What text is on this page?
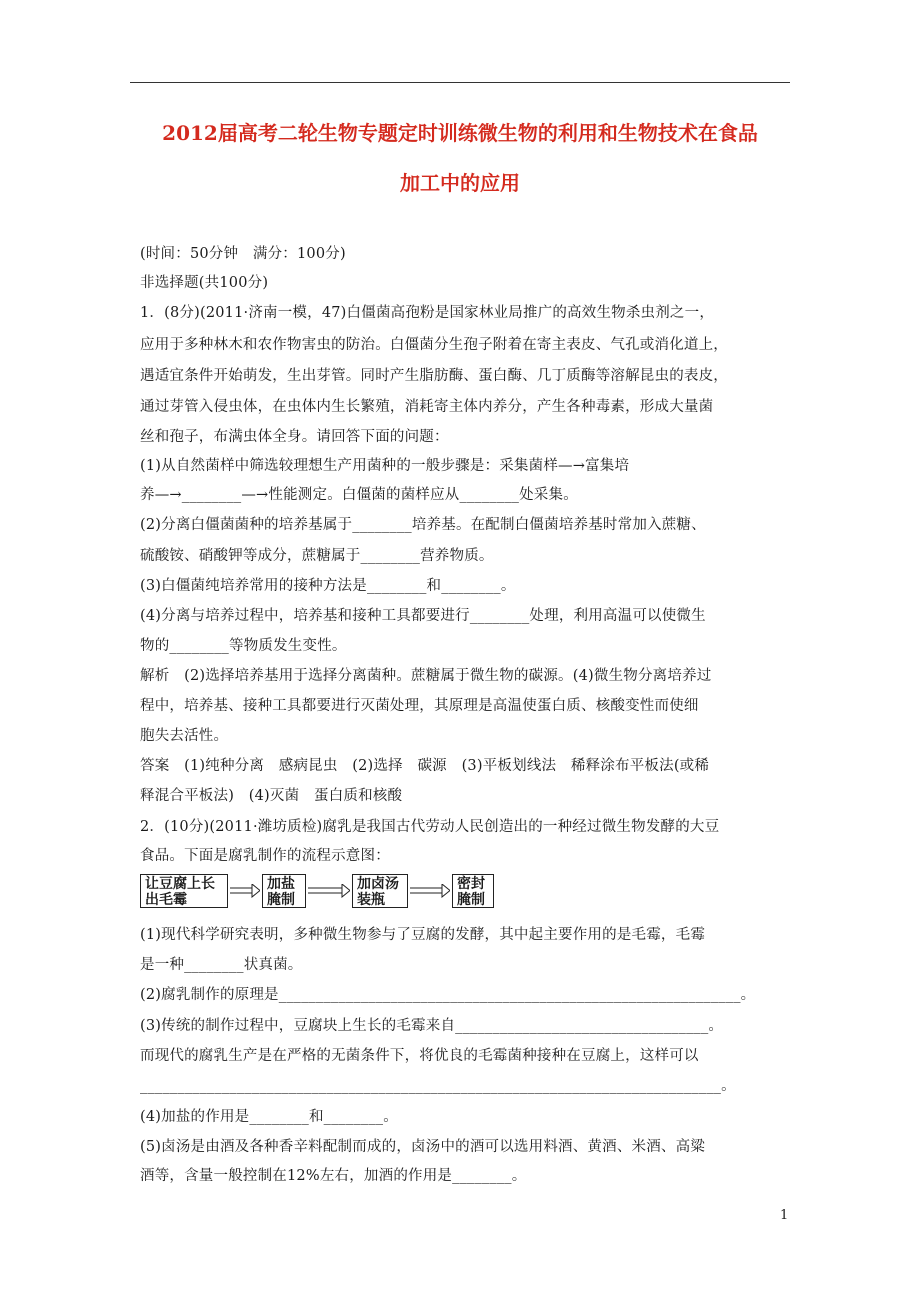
2012届高考二轮生物专题定时训练微生物的利用和生物技术在食品
加工中的应用
(时间：50分钟　满分：100分)
非选择题(共100分)
1．(8分)(2011·济南一模，47)白僵菌高孢粉是国家林业局推广的高效生物杀虫剂之一，
应用于多种林木和农作物害虫的防治。白僵菌分生孢子附着在寄主表皮、气孔或消化道上，
遇适宜条件开始萌发，生出芽管。同时产生脂肪酶、蛋白酶、几丁质酶等溶解昆虫的表皮，
通过芽管入侵虫体，在虫体内生长繁殖，消耗寄主体内养分，产生各种毒素，形成大量菌
丝和孢子，布满虫体全身。请回答下面的问题：
(1)从自然菌样中筛选较理想生产用菌种的一般步骤是：采集菌样—→富集培
养—→________—→性能测定。白僵菌的菌样应从________处采集。
(2)分离白僵菌菌种的培养基属于________培养基。在配制白僵菌培养基时常加入蔗糖、
硫酸铵、硝酸钾等成分，蔗糖属于________营养物质。
(3)白僵菌纯培养常用的接种方法是________和________。
(4)分离与培养过程中，培养基和接种工具都要进行________处理，利用高温可以使微生
物的________等物质发生变性。
解析　(2)选择培养基用于选择分离菌种。蔗糖属于微生物的碳源。(4)微生物分离培养过
程中，培养基、接种工具都要进行灭菌处理，其原理是高温使蛋白质、核酸变性而使细
胞失去活性。
答案　(1)纯种分离　感病昆虫　(2)选择　碳源　(3)平板划线法　稀释涂布平板法(或稀
释混合平板法)　(4)灭菌　蛋白质和核酸
2．(10分)(2011·潍坊质检)腐乳是我国古代劳动人民创造出的一种经过微生物发酵的大豆
食品。下面是腐乳制作的流程示意图：
让豆腐上长
出毛霉
加盐
腌制
加卤汤
装瓶
密封
腌制
(1)现代科学研究表明，多种微生物参与了豆腐的发酵，其中起主要作用的是毛霉，毛霉
是一种________状真菌。
(2)腐乳制作的原理是______________________________________________________________。
(3)传统的制作过程中，豆腐块上生长的毛霉来自__________________________________。
而现代的腐乳生产是在严格的无菌条件下，将优良的毛霉菌种接种在豆腐上，这样可以
______________________________________________________________________________。
(4)加盐的作用是________和________。
(5)卤汤是由酒及各种香辛料配制而成的，卤汤中的酒可以选用料酒、黄酒、米酒、高粱
酒等，含量一般控制在12%左右，加酒的作用是________。
1
